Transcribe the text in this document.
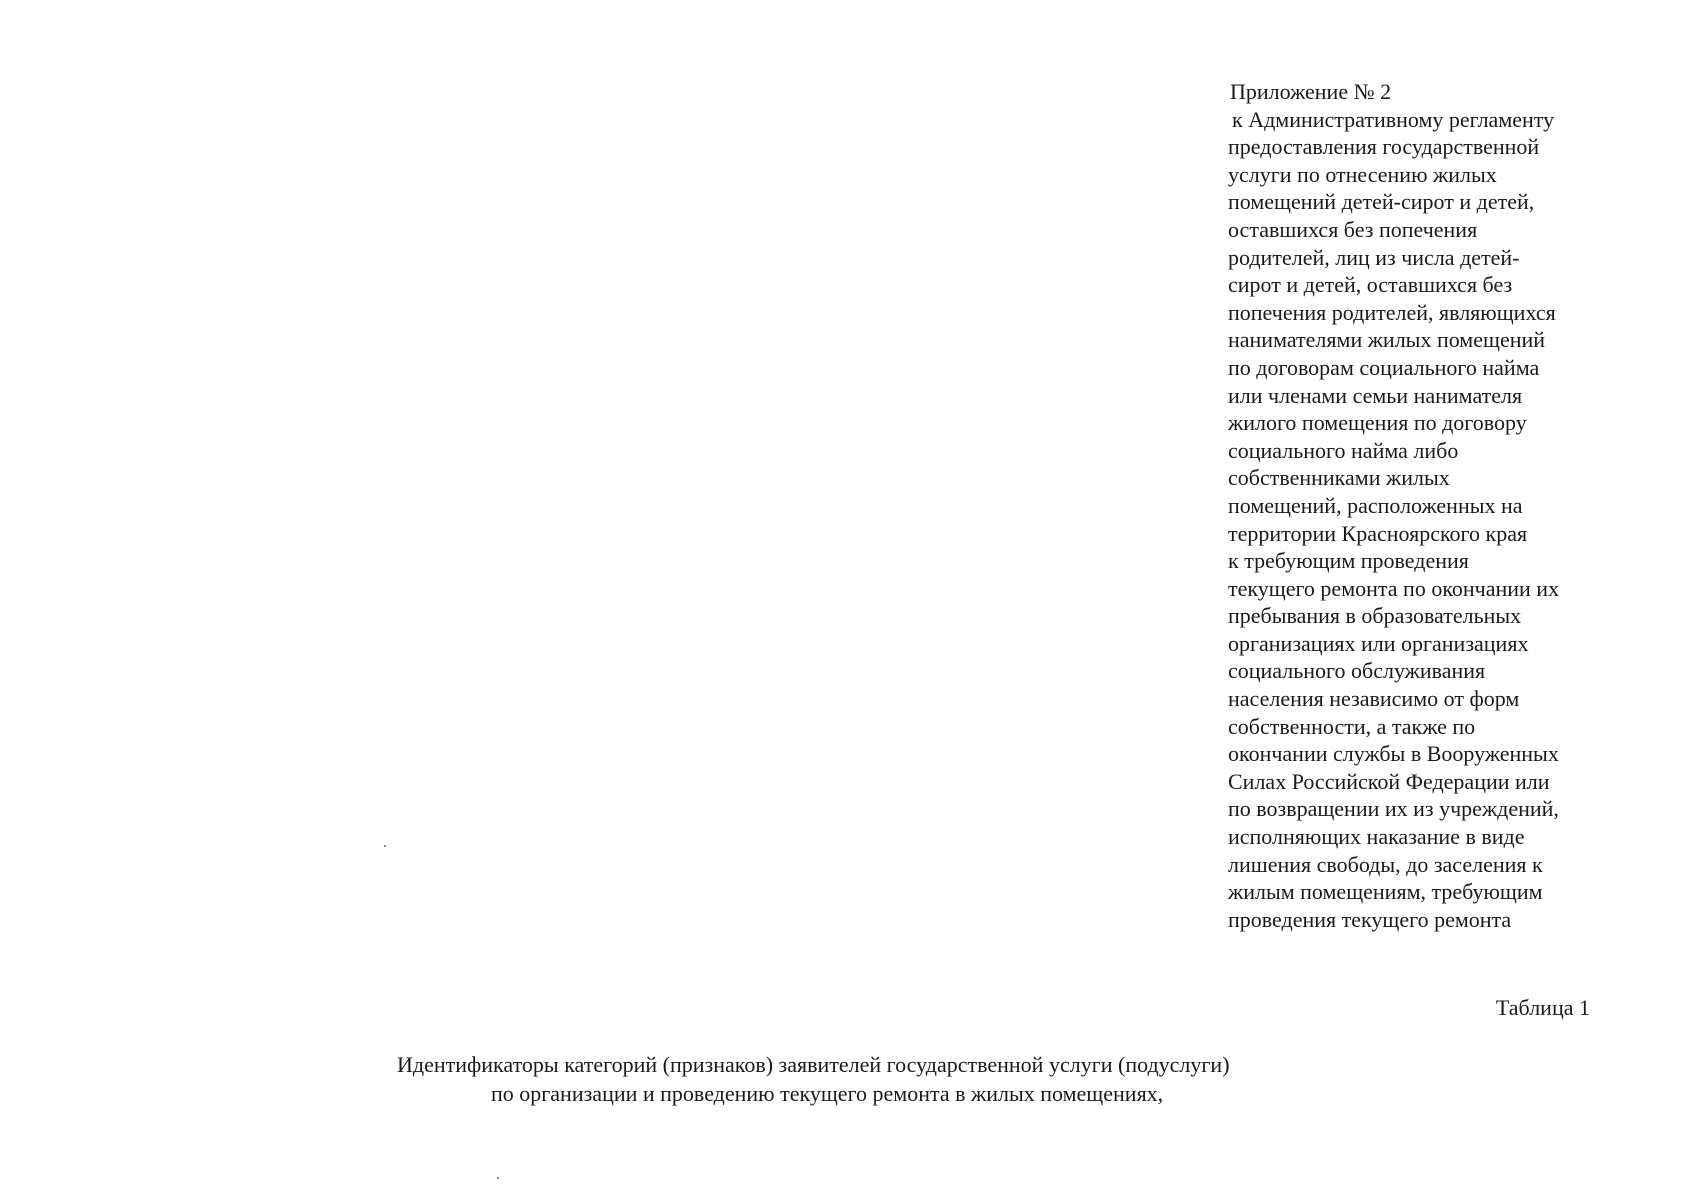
Приложение № 2
к Административному регламенту
предоставления государственной
услуги по отнесению жилых
помещений детей-сирот и детей,
оставшихся без попечения
родителей, лиц из числа детей-
сирот и детей, оставшихся без
попечения родителей, являющихся
нанимателями жилых помещений
по договорам социального найма
или членами семьи нанимателя
жилого помещения по договору
социального найма либо
собственниками жилых
помещений, расположенных на
территории Красноярского края
к требующим проведения
текущего ремонта по окончании их
пребывания в образовательных
организациях или организациях
социального обслуживания
населения независимо от форм
собственности, а также по
окончании службы в Вооруженных
Силах Российской Федерации или
по возвращении их из учреждений,
исполняющих наказание в виде
лишения свободы, до заселения к
жилым помещениям, требующим
проведения текущего ремонта
Таблица 1
Идентификаторы категорий (признаков) заявителей государственной услуги (подуслуги)
по организации и проведению текущего ремонта в жилых помещениях,
